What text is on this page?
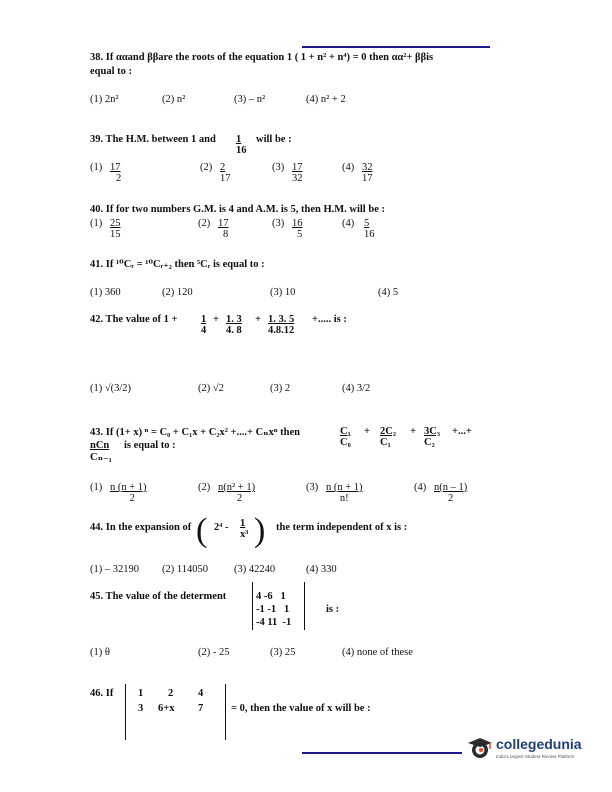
38. If ααand ββare the roots of the equation 1 ( 1 + n² + n⁴) = 0 then αα²+ ββis
equal to :
(1) 2n²	(2) n²	(3) – n²	(4) n² + 2
39. The H.M. between 1 and $\frac{1}{16}$ will be :
$(1) \frac{17}{2}$	$(2) \frac{2}{17}$	$(3) \frac{17}{32}$	$(4) \frac{32}{17}$
40. If for two numbers G.M. is 4 and A.M. is 5, then H.M. will be :
$(1) \frac{25}{15}$	$(2) \frac{17}{8}$	$(3) \frac{16}{5}$	$(4) \frac{5}{16}$
41. If ¹⁰Cᵣ = ¹⁰Cᵣ₊₂ then ⁵Cᵣ is equal to :
(1) 360	(2) 120	(3) 10	(4) 5
42. The value of $1 + \frac{1}{4} + \frac{1. 3}{4. 8} + \frac{1. 3. 5}{4.8.12}$ +..... is :
(1) √(3/2)	(2) √2	(3) 2	(4) 3/2
43. If (1+ x) ⁿ = C₀ + C₁x + C₂x² +....+ Cₙxⁿ then	$\frac{\text{C₁}}{\text{C₀}} + \frac{\text{2C₂}}{\text{C₁}} + \frac{\text{3C₃}}{\text{C₂}}$ +...+
nCn
Cₙ₋₁
is equal to :
$(1) \frac{n (n + 1)}{2}$	$(2) \frac{\text{n(n² + 1)}}{2}$	$(3) \frac{n (n + 1)}{n!}$	$(4) \frac{n(n - 1)}{2}$
44. In the expansion of ( $2^4 - \frac{1}{\text{x³}}$ ) the term independent of x is :
(1) – 32190 (2) 114050 (3) 42240	(4) 330
45. The value of the determent	4 -6   1
-1 -1   1
-4 11  -1
is :
(1) θ	(2) - 25	(3) 25	(4) none of these
46. If 1 2 4
3 6+x 7	= 0, then the value of x will be :
collegedunia
India's largest Student Review Platform
